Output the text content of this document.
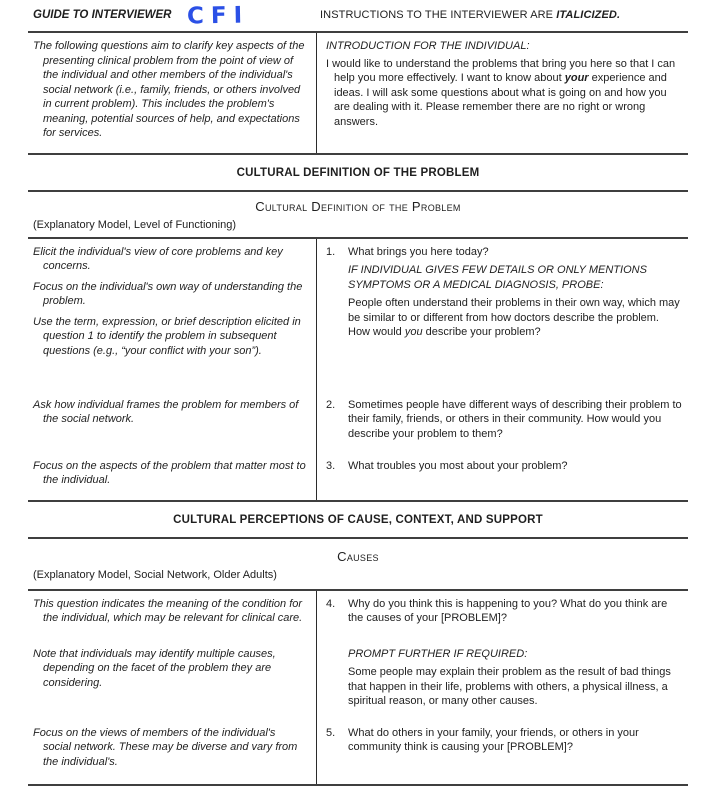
GUIDE TO INTERVIEWER CFI	INSTRUCTIONS TO THE INTERVIEWER ARE ITALICIZED.

The following questions aim to clarify key aspects of the presenting clinical problem from the point of view of the individual and other members of the individual's social network (i.e., family, friends, or others involved in current problem). This includes the problem's meaning, potential sources of help, and expectations for services.

INTRODUCTION FOR THE INDIVIDUAL:

I would like to understand the problems that bring you here so that I can help you more effectively. I want to know about your experience and ideas. I will ask some questions about what is going on and how you are dealing with it. Please remember there are no right or wrong answers.

CULTURAL DEFINITION OF THE PROBLEM
Cultural Definition of the Problem
(Explanatory Model, Level of Functioning)

Elicit the individual's view of core problems and key concerns.

Focus on the individual's own way of understanding the problem.

Use the term, expression, or brief description elicited in question 1 to identify the problem in subsequent questions (e.g., “your conflict with your son”).

1. What brings you here today?

IF INDIVIDUAL GIVES FEW DETAILS OR ONLY MENTIONS SYMPTOMS OR A MEDICAL DIAGNOSIS, PROBE:

People often understand their problems in their own way, which may be similar to or different from how doctors describe the problem. How would you describe your problem?

Ask how individual frames the problem for members of the social network.

2. Sometimes people have different ways of describing their problem to their family, friends, or others in their community. How would you describe your problem to them?

Focus on the aspects of the problem that matter most to the individual.

3. What troubles you most about your problem?

CULTURAL PERCEPTIONS OF CAUSE, CONTEXT, AND SUPPORT
Causes
(Explanatory Model, Social Network, Older Adults)

This question indicates the meaning of the condition for the individual, which may be relevant for clinical care.

4. Why do you think this is happening to you? What do you think are the causes of your [PROBLEM]?

Note that individuals may identify multiple causes, depending on the facet of the problem they are considering.

PROMPT FURTHER IF REQUIRED:

Some people may explain their problem as the result of bad things that happen in their life, problems with others, a physical illness, a spiritual reason, or many other causes.

Focus on the views of members of the individual's social network. These may be diverse and vary from the individual's.

5. What do others in your family, your friends, or others in your community think is causing your [PROBLEM]?
